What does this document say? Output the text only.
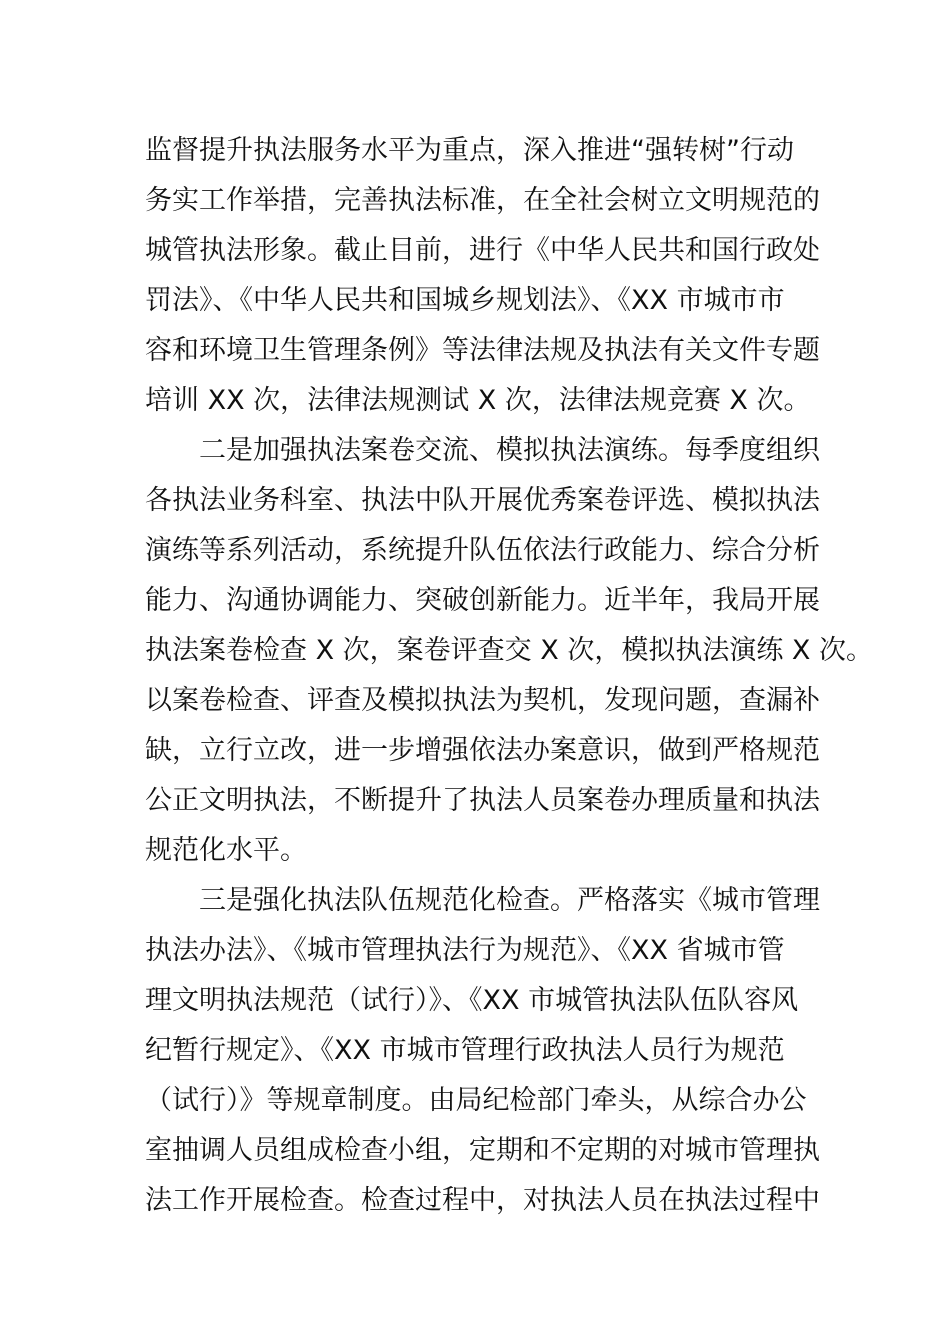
监督提升执法服务水平为重点，深入推进“强转树”行动
务实工作举措，完善执法标准，在全社会树立文明规范的
城管执法形象。截止目前，进行《中华人民共和国行政处
罚法》、《中华人民共和国城乡规划法》、《XX 市城市市
容和环境卫生管理条例》等法律法规及执法有关文件专题
培训 XX 次，法律法规测试 X 次，法律法规竞赛 X 次。
二是加强执法案卷交流、模拟执法演练。每季度组织
各执法业务科室、执法中队开展优秀案卷评选、模拟执法
演练等系列活动，系统提升队伍依法行政能力、综合分析
能力、沟通协调能力、突破创新能力。近半年，我局开展
执法案卷检查 X 次，案卷评查交 X 次，模拟执法演练 X 次。
以案卷检查、评查及模拟执法为契机，发现问题，查漏补
缺，立行立改，进一步增强依法办案意识，做到严格规范
公正文明执法，不断提升了执法人员案卷办理质量和执法
规范化水平。
三是强化执法队伍规范化检查。严格落实《城市管理
执法办法》、《城市管理执法行为规范》、《XX 省城市管
理文明执法规范（试行）》、《XX 市城管执法队伍队容风
纪暂行规定》、《XX 市城市管理行政执法人员行为规范
（试行）》等规章制度。由局纪检部门牵头，从综合办公
室抽调人员组成检查小组，定期和不定期的对城市管理执
法工作开展检查。检查过程中，对执法人员在执法过程中
